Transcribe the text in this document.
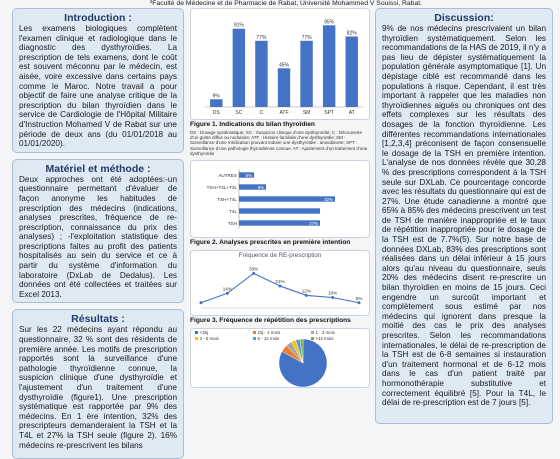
²Faculté de Médecine et de Pharmacie de Rabat, Université Mohammed V Souissi, Rabat.
Introduction :
Les examens biologiques complètent l'examen clinique et radiologique dans le diagnostic des dysthyroïdies. La prescription de tels examens, dont le coût est souvent méconnu par le médecin, est aisée, voire excessive dans certains pays comme le Maroc. Notre travail a pour objectif de faire une analyse critique de la prescription du bilan thyroïdien dans le service de Cardiologie de l'Hôpital Militaire d'Instruction Mohamed V de Rabat sur une période de deux ans (du 01/01/2018 au 01/01/2020).
Matériel et méthode :
Deux approches ont été adoptées:-un questionnaire permettant d'évaluer de façon anonyme les habitudes de prescription des médecins (indications, analyses prescrites, fréquence de re-prescription, connaissance du prix des analyses) ; -l'exploitation statistique des prescriptions faites au profit des patients hospitalisés au sein du service et ce à partir du système d'information du laboratoire (DxLab de Dedalus). Les données ont été collectées et traitées sur Excel 2013.
Résultats :
Sur les 22 médecins ayant répondu au questionnaire, 32 % sont des résidents de première année. Les motifs de prescription rapportés sont la surveillance d'une pathologie thyroïdienne connue, la suspicion clinique d'une dysthyroïdie et l'ajustement d'un traitement d'une dysthyroïdie (figure1). Une prescription systématique est rapportée par 9% des médecins. En 1 ère intention, 32% des prescripteurs demanderaient la TSH et la T4L et 27% la TSH seule (figure 2). 16% médecins re-prescrivent les bilans
9%
DS
91%
SC
77%
C
45%
ATF
77%
SM
95%
SPT
82%
AT
Figure 1. Indications du bilan thyroïdien
DS : Dosage systématique; SC : Suspicion clinique d'une dysthyroïdie; C : Découverte d'un goitre diffus ou nodulaire; ATF : Histoire familiale d'une dysthyroïdie; SM : Surveillance d'une médication pouvant induire une dysthyroïdie : amiodarone; SPT : Surveillance d'une pathologie thyroïdienne connue; AT : Ajustement d'un traitement d'une dysthyroïdie
AUTRES 5%
TSH+T4L+T3L	9%
TSH+T4L	32%
T4L
TSH	27%
Figure 2. Analyses prescrites en première intention
Fréquence de RE-prescription
14%
33%
21%
12%	10%
5%
Figure 3. Fréquence de répétition des prescriptions
<15j	15j - 1 mois	1 - 3 mois
3 - 6 mois	6 - 12 mois	>12 mois
Discussion:
9% de nos médecins prescrivaient un bilan thyroïdien systématiquement. Selon les recommandations de la HAS de 2019, il n'y a pas lieu de dépister systématiquement la population générale asymptomatique [1]. Un dépistage ciblé est recommandé dans les populations à risque. Cependant, il est très important à rappeler que les maladies non thyroïdiennes aiguës ou chroniques ont des effets complexes sur les résultats des dosages de la fonction thyroïdienne. Les différentes recommandations internationales [1,2,3,4] préconisent de façon consensuelle le dosage de la TSH en première intention. L'analyse de nos données révèle que 30,28 % des prescriptions correspondent à la TSH seule sur DXLab. Ce pourcentage concorde avec les résultats du questionnaire qui est de 27%. Une étude canadienne a montré que 65% à 85% des médecins prescrivent un test de TSH de manière inappropriée et le taux de répétition inappropriée pour le dosage de la TSH est de 7.7%(5). Sur notre base de données DXLab, 83% des prescriptions sont réalisées dans un délai inférieur à 15 jours alors qu'au niveau du questionnaire, seuls 20% des médecins disent re-prescrire un bilan thyroïdien en moins de 15 jours. Ceci engendre un surcoût important et complètement sous estimé par nos médecins qui ignorent dans presque la moitié des cas le prix des analyses prescrites. Selon les recommandations internationales, le délai de re-prescription de la TSH est de 6-8 semaines si instauration d'un traitement hormonal et de 6-12 mois dans le cas d'un patient traité par hormonothérapie substitutive et correctement équilibré [5]. Pour la T4L, le délai de re-prescription est de 7 jours [5].
